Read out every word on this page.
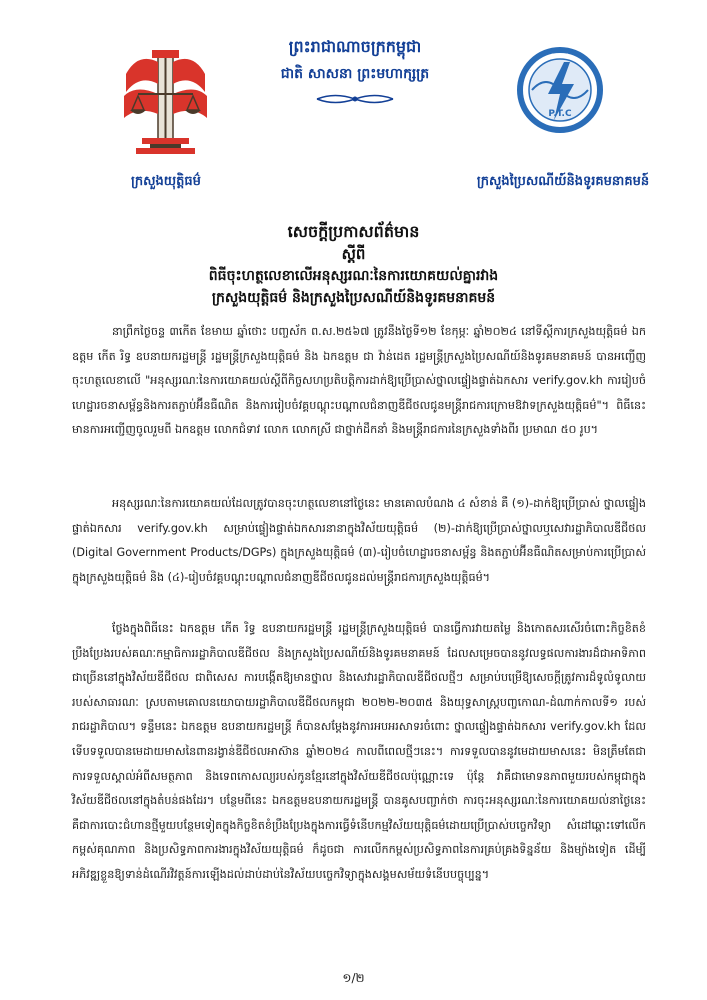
ប.ទ.គ
P.T.C
ព្រះរាជាណាចក្រកម្ពុជា
ជាតិ សាសនា ព្រះមហាក្សត្រ
ក្រសួងយុត្តិធម៌	ក្រសួងប្រៃសណីយ៍និងទូរគមនាគមន៍
សេចក្តីប្រកាសព័ត៌មាន
ស្តីពី
ពិធីចុះហត្ថលេខាលើអនុស្សរណៈនៃការយោគយល់គ្នារវាង
ក្រសួងយុត្តិធម៌ និងក្រសួងប្រៃសណីយ៍និងទូរគមនាគមន៍
នាព្រឹកថ្ងៃចន្ទ ៣កើត ខែមាឃ ឆ្នាំថោះ បញ្ចស័ក ព.ស.២៥៦៧ ត្រូវនឹងថ្ងៃទី១២ ខែកុម្ភៈ ឆ្នាំ២០២៤ នៅទីស្តីការក្រសួងយុត្តិធម៌ ឯកឧត្តម កើត រិទ្ធ ឧបនាយករដ្ឋមន្ត្រី រដ្ឋមន្ត្រីក្រសួងយុត្តិធម៌ និង ឯកឧត្តម ជា វ៉ាន់ដេត រដ្ឋមន្ត្រីក្រសួងប្រៃសណីយ៍និងទូរគមនាគមន៍ បានអញ្ជើញចុះហត្ថលេខាលើ "អនុស្សរណៈនៃការយោគយល់ស្តីពីកិច្ចសហប្រតិបត្តិការដាក់ឱ្យប្រើប្រាស់ថ្នាលផ្ទៀងផ្ទាត់ឯកសារ verify.gov.kh ការរៀបចំហេដ្ឋារចនាសម្ព័ន្ធនិងការតភ្ជាប់អ៊ីនធឺណិត និងការរៀបចំវគ្គបណ្តុះបណ្តាលជំនាញឌីជីថលជូនមន្ត្រីរាជការក្រោមឱវាទក្រសួងយុត្តិធម៌"។ ពិធីនេះមានការអញ្ជើញចូលរួមពី ឯកឧត្តម លោកជំទាវ លោក លោកស្រី ជាថ្នាក់ដឹកនាំ និងមន្ត្រីរាជការនៃក្រសួងទាំងពីរ ប្រមាណ ៥០ រូប។
អនុស្សរណៈនៃការយោគយល់ដែលត្រូវបានចុះហត្ថលេខានៅថ្ងៃនេះ មានគោលបំណង ៤ សំខាន់ គឺ (១)-ដាក់ឱ្យប្រើប្រាស់ ថ្នាលផ្ទៀងផ្ទាត់ឯកសារ verify.gov.kh សម្រាប់ផ្ទៀងផ្ទាត់ឯកសារនានាក្នុងវិស័យយុត្តិធម៌ (២)-ដាក់ឱ្យប្រើប្រាស់ថ្នាលឬសេវារដ្ឋាភិបាលឌីជីថល (Digital Government Products/DGPs) ក្នុងក្រសួងយុត្តិធម៌ (៣)-រៀបចំហេដ្ឋារចនាសម្ព័ន្ធ និងតភ្ជាប់អ៊ីនធឺណិតសម្រាប់ការប្រើប្រាស់ក្នុងក្រសួងយុត្តិធម៌ និង (៤)-រៀបចំវគ្គបណ្តុះបណ្តាលជំនាញឌីជីថលជូនដល់មន្ត្រីរាជការក្រសួងយុត្តិធម៌។
ថ្លែងក្នុងពិធីនេះ ឯកឧត្តម កើត រិទ្ធ ឧបនាយករដ្ឋមន្ត្រី រដ្ឋមន្ត្រីក្រសួងយុត្តិធម៌ បានធ្វើការវាយតម្លៃ និងកោតសរសើរចំពោះកិច្ចខិតខំប្រឹងប្រែងរបស់គណៈកម្មាធិការរដ្ឋាភិបាលឌីជីថល និងក្រសួងប្រៃសណីយ៍និងទូរគមនាគមន៍ ដែលសម្រេចបាននូវលទ្ធផលការងារដ៏ជាអាទិភាពជាច្រើននៅក្នុងវិស័យឌីជីថល ជាពិសេស ការបង្កើតឱ្យមានថ្នាល និងសេវារដ្ឋាភិបាលឌីជីថលថ្មីៗ សម្រាប់បម្រើឱ្យសេចក្តីត្រូវការដ៏ទូលំទូលាយរបស់សាធារណៈ ស្របតាមគោលនយោបាយរដ្ឋាភិបាលឌីជីថលកម្ពុជា ២០២២-២០៣៥ និងយុទ្ធសាស្ត្របញ្ចកោណ-ដំណាក់កាលទី១ របស់រាជរដ្ឋាភិបាល។ ទន្ទឹមនេះ ឯកឧត្តម ឧបនាយករដ្ឋមន្ត្រី ក៏បានសម្តែងនូវការអបអរសាទរចំពោះ ថ្នាលផ្ទៀងផ្ទាត់ឯកសារ verify.gov.kh ដែលទើបទទួលបានមេដាយមាសនៃពានរង្វាន់ឌីជីថលអាស៊ាន ឆ្នាំ២០២៤ កាលពីពេលថ្មីៗនេះ។ ការទទួលបាននូវមេដាយមាសនេះ មិនត្រឹមតែជាការទទួលស្គាល់អំពីសមត្ថភាព និងទេពកោសល្យរបស់កូនខ្មែរនៅក្នុងវិស័យឌីជីថលប៉ុណ្ណោះទេ ប៉ុន្តែ វាគឺជាមោទនភាពមួយរបស់កម្ពុជាក្នុងវិស័យឌីជីថលនៅក្នុងតំបន់ផងដែរ។ បន្ថែមពីនេះ ឯកឧត្តមឧបនាយករដ្ឋមន្ត្រី បានគូសបញ្ជាក់ថា ការចុះអនុស្សរណៈនៃការយោគយល់នាថ្ងៃនេះ គឺជាការបោះជំហានថ្មីមួយបន្ថែមទៀតក្នុងកិច្ចខិតខំប្រឹងប្រែងក្នុងការធ្វើទំនើបកម្មវិស័យយុត្តិធម៌ដោយប្រើប្រាស់បច្ចេកវិទ្យា សំដៅឆ្ពោះទៅលើកកម្ពស់គុណភាព និងប្រសិទ្ធភាពការងារក្នុងវិស័យយុត្តិធម៌ ក៏ដូចជា ការលើកកម្ពស់ប្រសិទ្ធភាពនៃការគ្រប់គ្រងទិន្នន័យ និងម្យ៉ាងទៀត ដើម្បីអភិវឌ្ឍខ្លួនឱ្យទាន់ដំណើរវិវត្តន៍ការឡើងដល់ដាប់ដាប់នៃវិស័យបច្ចេកវិទ្យាក្នុងសង្គមសម័យទំនើបបច្ចុប្បន្ន។
១/២
